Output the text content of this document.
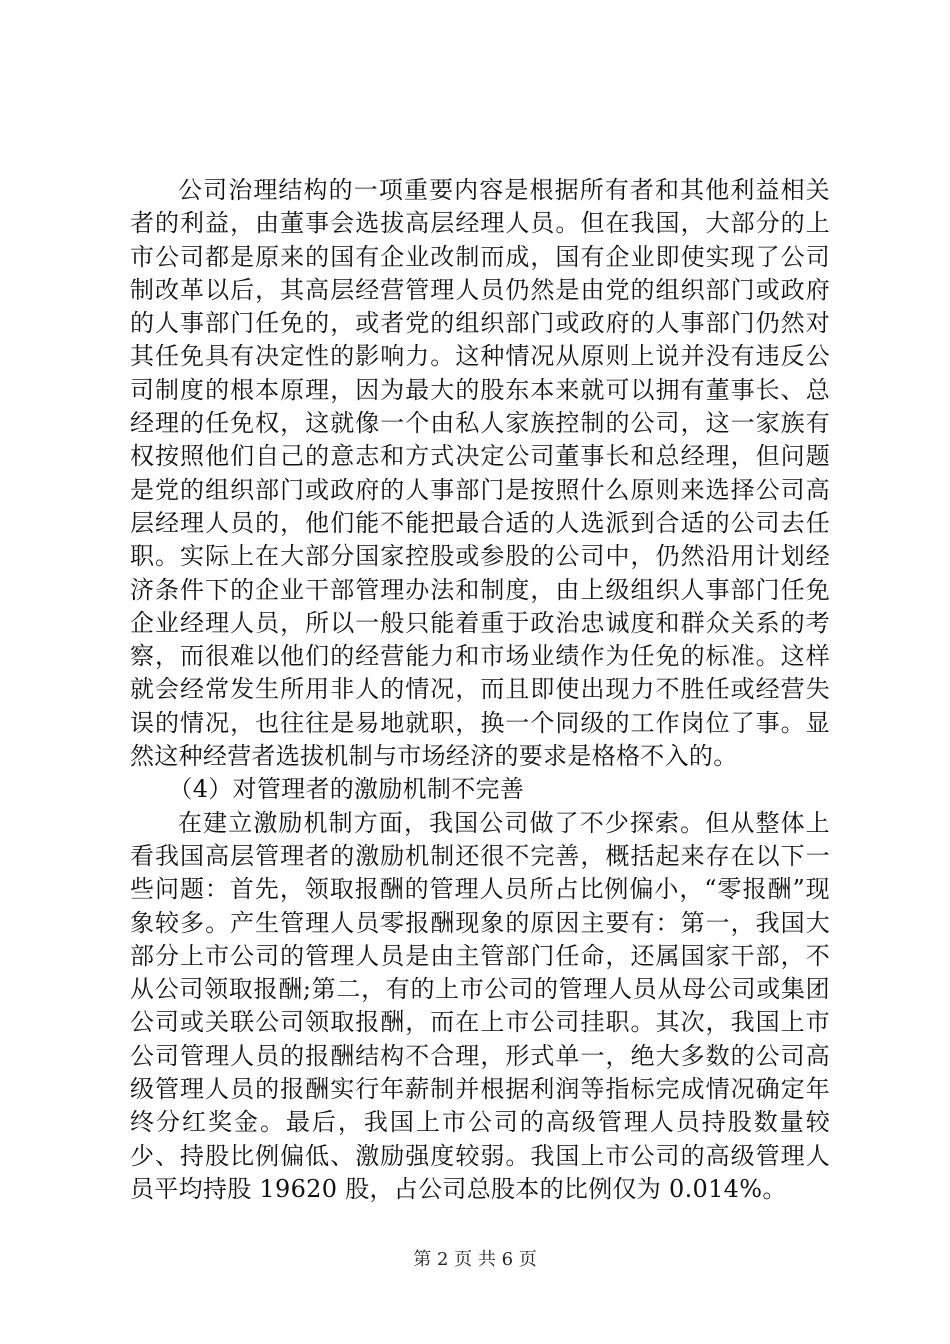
公司治理结构的一项重要内容是根据所有者和其他利益相关者的利益，由董事会选拔高层经理人员。但在我国，大部分的上市公司都是原来的国有企业改制而成，国有企业即使实现了公司制改革以后，其高层经营管理人员仍然是由党的组织部门或政府的人事部门任免的，或者党的组织部门或政府的人事部门仍然对其任免具有决定性的影响力。这种情况从原则上说并没有违反公司制度的根本原理，因为最大的股东本来就可以拥有董事长、总经理的任免权，这就像一个由私人家族控制的公司，这一家族有权按照他们自己的意志和方式决定公司董事长和总经理，但问题是党的组织部门或政府的人事部门是按照什么原则来选择公司高层经理人员的，他们能不能把最合适的人选派到合适的公司去任职。实际上在大部分国家控股或参股的公司中，仍然沿用计划经济条件下的企业干部管理办法和制度，由上级组织人事部门任免企业经理人员，所以一般只能着重于政治忠诚度和群众关系的考察，而很难以他们的经营能力和市场业绩作为任免的标准。这样就会经常发生所用非人的情况，而且即使出现力不胜任或经营失误的情况，也往往是易地就职，换一个同级的工作岗位了事。显然这种经营者选拔机制与市场经济的要求是格格不入的。

（4）对管理者的激励机制不完善

在建立激励机制方面，我国公司做了不少探索。但从整体上看我国高层管理者的激励机制还很不完善，概括起来存在以下一些问题：首先，领取报酬的管理人员所占比例偏小，“零报酬”现象较多。产生管理人员零报酬现象的原因主要有：第一，我国大部分上市公司的管理人员是由主管部门任命，还属国家干部，不从公司领取报酬;第二，有的上市公司的管理人员从母公司或集团公司或关联公司领取报酬，而在上市公司挂职。其次，我国上市公司管理人员的报酬结构不合理，形式单一，绝大多数的公司高级管理人员的报酬实行年薪制并根据利润等指标完成情况确定年终分红奖金。最后，我国上市公司的高级管理人员持股数量较少、持股比例偏低、激励强度较弱。我国上市公司的高级管理人员平均持股 19620 股，占公司总股本的比例仅为 0.014%。

第 2 页 共 6 页
